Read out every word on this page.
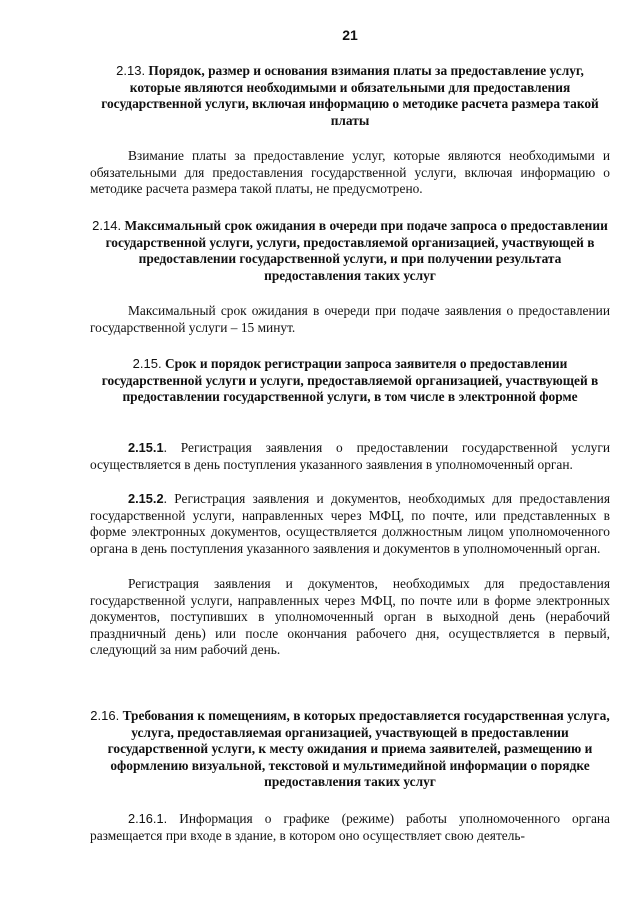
21
2.13. Порядок, размер и основания взимания платы за предоставление услуг, которые являются необходимыми и обязательными для предоставления государственной услуги, включая информацию о методике расчета размера такой платы

Взимание платы за предоставление услуг, которые являются необходимыми и обязательными для предоставления государственной услуги, включая информацию о методике расчета размера такой платы, не предусмотрено.

2.14. Максимальный срок ожидания в очереди при подаче запроса о предоставлении государственной услуги, услуги, предоставляемой организацией, участвующей в предоставлении государственной услуги, и при получении результата предоставления таких услуг

Максимальный срок ожидания в очереди при подаче заявления о предоставлении государственной услуги – 15 минут.

2.15. Срок и порядок регистрации запроса заявителя о предоставлении государственной услуги и услуги, предоставляемой организацией, участвующей в предоставлении государственной услуги, в том числе в электронной форме

2.15.1. Регистрация заявления о предоставлении государственной услуги осуществляется в день поступления указанного заявления в уполномоченный орган.

2.15.2. Регистрация заявления и документов, необходимых для предоставления государственной услуги, направленных через МФЦ, по почте, или представленных в форме электронных документов, осуществляется должностным лицом уполномоченного органа в день поступления указанного заявления и документов в уполномоченный орган.

Регистрация заявления и документов, необходимых для предоставления государственной услуги, направленных через МФЦ, по почте или в форме электронных документов, поступивших в уполномоченный орган в выходной день (нерабочий праздничный день) или после окончания рабочего дня, осуществляется в первый, следующий за ним рабочий день.

2.16. Требования к помещениям, в которых предоставляется государственная услуга, услуга, предоставляемая организацией, участвующей в предоставлении государственной услуги, к месту ожидания и приема заявителей, размещению и оформлению визуальной, текстовой и мультимедийной информации о порядке предоставления таких услуг

2.16.1. Информация о графике (режиме) работы уполномоченного органа размещается при входе в здание, в котором оно осуществляет свою деятель-
